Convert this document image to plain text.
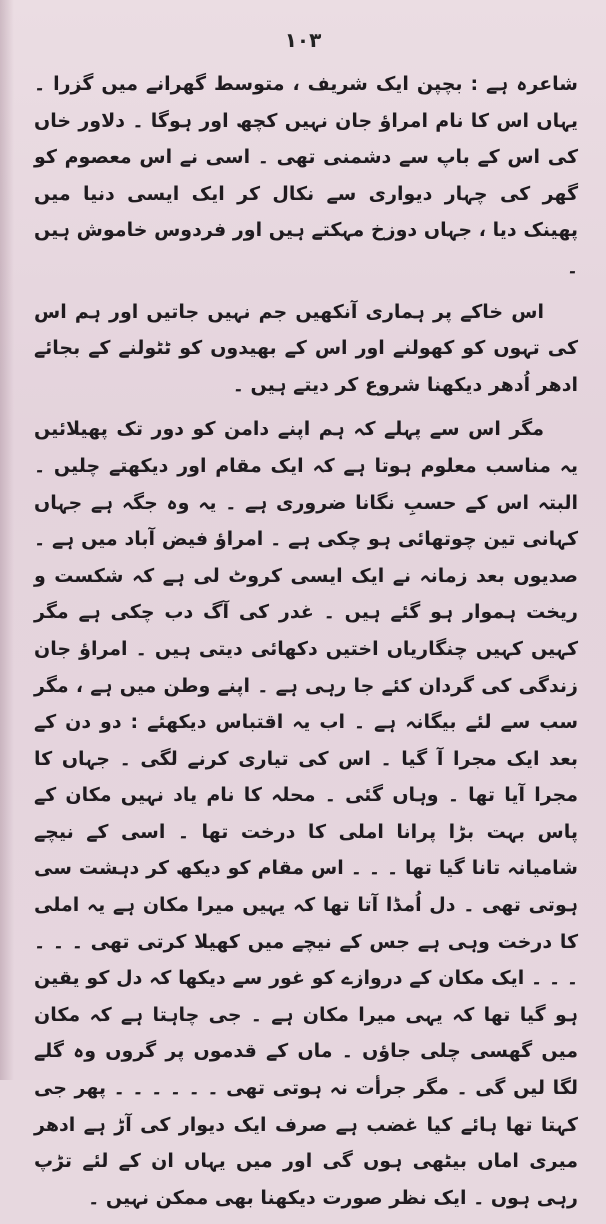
۱۰۳

شاعرہ ہے : بچپن ایک شریف ، متوسط گھرانے میں گزرا ۔ یہاں اس کا نام امراؤ جان نہیں کچھ اور ہوگا ۔ دلاور خاں کی اس کے باپ سے دشمنی تھی ۔ اسی نے اس معصوم کو گھر کی چہار دیواری سے نکال کر ایک ایسی دنیا میں پھینک دیا ، جہاں دوزخ مہکتے ہیں اور فردوس خاموش ہیں ۔

اس خاکے پر ہماری آنکھیں جم نہیں جاتیں اور ہم اس کی تہوں کو کھولنے اور اس کے بھیدوں کو ٹٹولنے کے بجائے ادھر اُدھر دیکھنا شروع کر دیتے ہیں ۔

مگر اس سے پہلے کہ ہم اپنے دامن کو دور تک پھیلائیں یہ مناسب معلوم ہوتا ہے کہ ایک مقام اور دیکھتے چلیں ۔ البتہ اس کے حسبِ نگانا ضروری ہے ۔ یہ وہ جگہ ہے جہاں کہانی تین چوتھائی ہو چکی ہے ۔ امراؤ فیض آباد میں ہے ۔ صدیوں بعد زمانہ نے ایک ایسی کروٹ لی ہے کہ شکست و ریخت ہموار ہو گئے ہیں ۔ غدر کی آگ دب چکی ہے مگر کہیں کہیں چنگاریاں اختیں دکھائی دیتی ہیں ۔ امراؤ جان زندگی کی گردان کئے جا رہی ہے ۔ اپنے وطن میں ہے ، مگر سب سے لئے بیگانہ ہے ۔ اب یہ اقتباس دیکھئے : دو دن کے بعد ایک مجرا آ گیا ۔ اس کی تیاری کرنے لگی ۔ جہاں کا مجرا آیا تھا ۔ وہاں گئی ۔ محلہ کا نام یاد نہیں مکان کے پاس بہت بڑا پرانا املی کا درخت تھا ۔ اسی کے نیچے شامیانہ تانا گیا تھا ۔ ۔ ۔ اس مقام کو دیکھ کر دہشت سی ہوتی تھی ۔ دل اُمڈا آتا تھا کہ یہیں میرا مکان ہے یہ املی کا درخت وہی ہے جس کے نیچے میں کھیلا کرتی تھی ۔ ۔ ۔ ۔ ۔ ۔ ایک مکان کے دروازے کو غور سے دیکھا کہ دل کو یقین ہو گیا تھا کہ یہی میرا مکان ہے ۔ جی چاہتا ہے کہ مکان میں گھسی چلی جاؤں ۔ ماں کے قدموں پر گروں وہ گلے لگا لیں گی ۔ مگر جرأت نہ ہوتی تھی ۔ ۔ ۔ ۔ ۔ ۔ پھر جی کہتا تھا ہائے کیا غضب ہے صرف ایک دیوار کی آڑ ہے ادھر میری اماں بیٹھی ہوں گی اور میں یہاں ان کے لئے تڑپ رہی ہوں ۔ ایک نظر صورت دیکھنا بھی ممکن نہیں ۔
